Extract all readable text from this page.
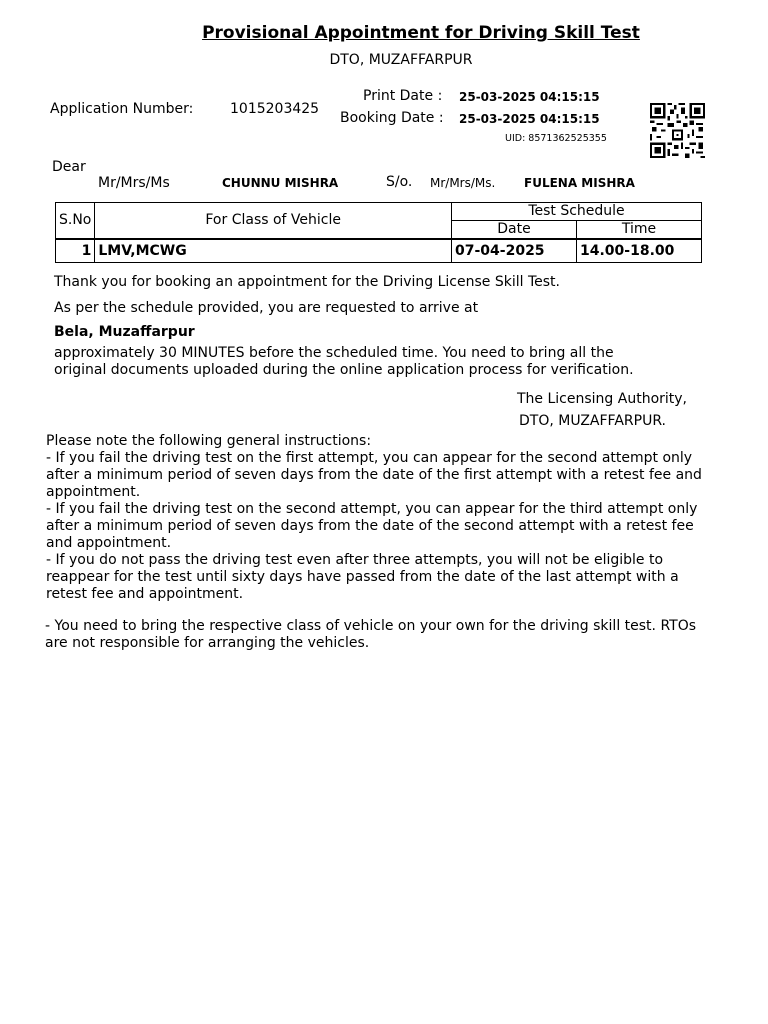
Provisional Appointment for Driving Skill Test
DTO, MUZAFFARPUR
Application Number:	1015203425
Print Date : 25-03-2025 04:15:15
Booking Date : 25-03-2025 04:15:15
UID: 8571362525355
Dear
Mr/Mrs/Ms	CHUNNU MISHRA	S/o. Mr/Mrs/Ms. FULENA MISHRA
S.No	For Class of Vehicle	Test Schedule	
		Date	Time
1	LMV,MCWG	07-04-2025	14.00-18.00
Thank you for booking an appointment for the Driving License Skill Test.
As per the schedule provided, you are requested to arrive at
Bela, Muzaffarpur
approximately 30 MINUTES before the scheduled time. You need to bring all the
original documents uploaded during the online application process for verification.
The Licensing Authority,
DTO, MUZAFFARPUR.
Please note the following general instructions:
- If you fail the driving test on the first attempt, you can appear for the second attempt only after a minimum period of seven days from the date of the first attempt with a retest fee and appointment.
- If you fail the driving test on the second attempt, you can appear for the third attempt only after a minimum period of seven days from the date of the second attempt with a retest fee and appointment.
- If you do not pass the driving test even after three attempts, you will not be eligible to reappear for the test until sixty days have passed from the date of the last attempt with a retest fee and appointment.
- You need to bring the respective class of vehicle on your own for the driving skill test. RTOs are not responsible for arranging the vehicles.
